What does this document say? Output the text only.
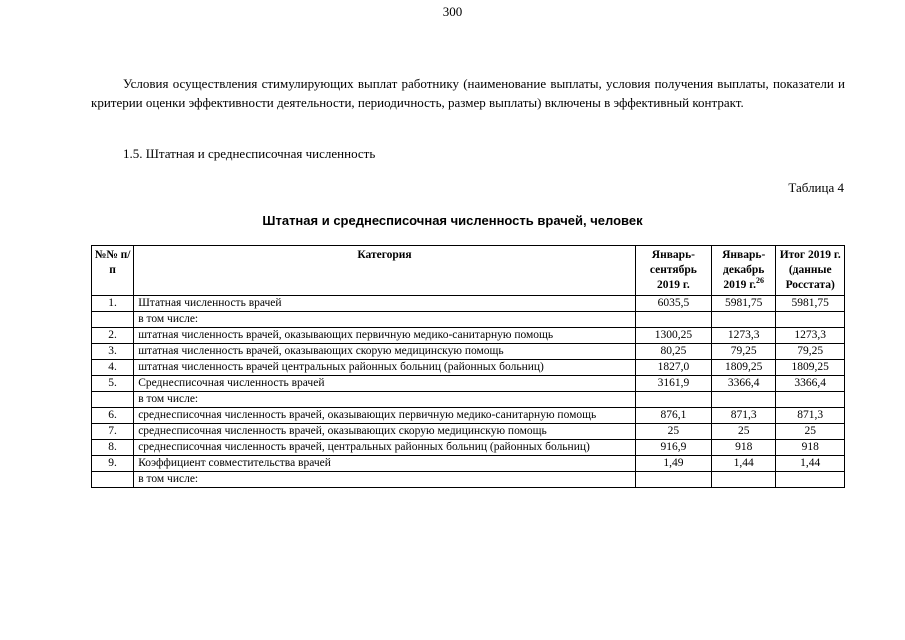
300
Условия осуществления стимулирующих выплат работнику (наименование выплаты, условия получения выплаты, показатели и критерии оценки эффективности деятельности, периодичность, размер выплаты) включены в эффективный контракт.
1.5. Штатная и среднесписочная численность
Таблица 4
Штатная и среднесписочная численность врачей, человек
№№ п/п	Категория	Январь-сентябрь 2019 г.	Январь-декабрь 2019 г.$^{26}$	Итог 2019 г. (данные Росстата)
1.	Штатная численность врачей	6035,5	5981,75	5981,75
	в том числе:			
2.	штатная численность врачей, оказывающих первичную медико-санитарную помощь	1300,25	1273,3	1273,3
3.	штатная численность врачей, оказывающих скорую медицинскую помощь	80,25	79,25	79,25
4.	штатная численность врачей центральных районных больниц (районных больниц)	1827,0	1809,25	1809,25
5.	Среднесписочная численность врачей	3161,9	3366,4	3366,4
	в том числе:			
6.	среднесписочная численность врачей, оказывающих первичную медико-санитарную помощь	876,1	871,3	871,3
7.	среднесписочная численность врачей, оказывающих скорую медицинскую помощь	25	25	25
8.	среднесписочная численность врачей, центральных районных больниц (районных больниц)	916,9	918	918
9.	Коэффициент совместительства врачей	1,49	1,44	1,44
	в том числе:			
